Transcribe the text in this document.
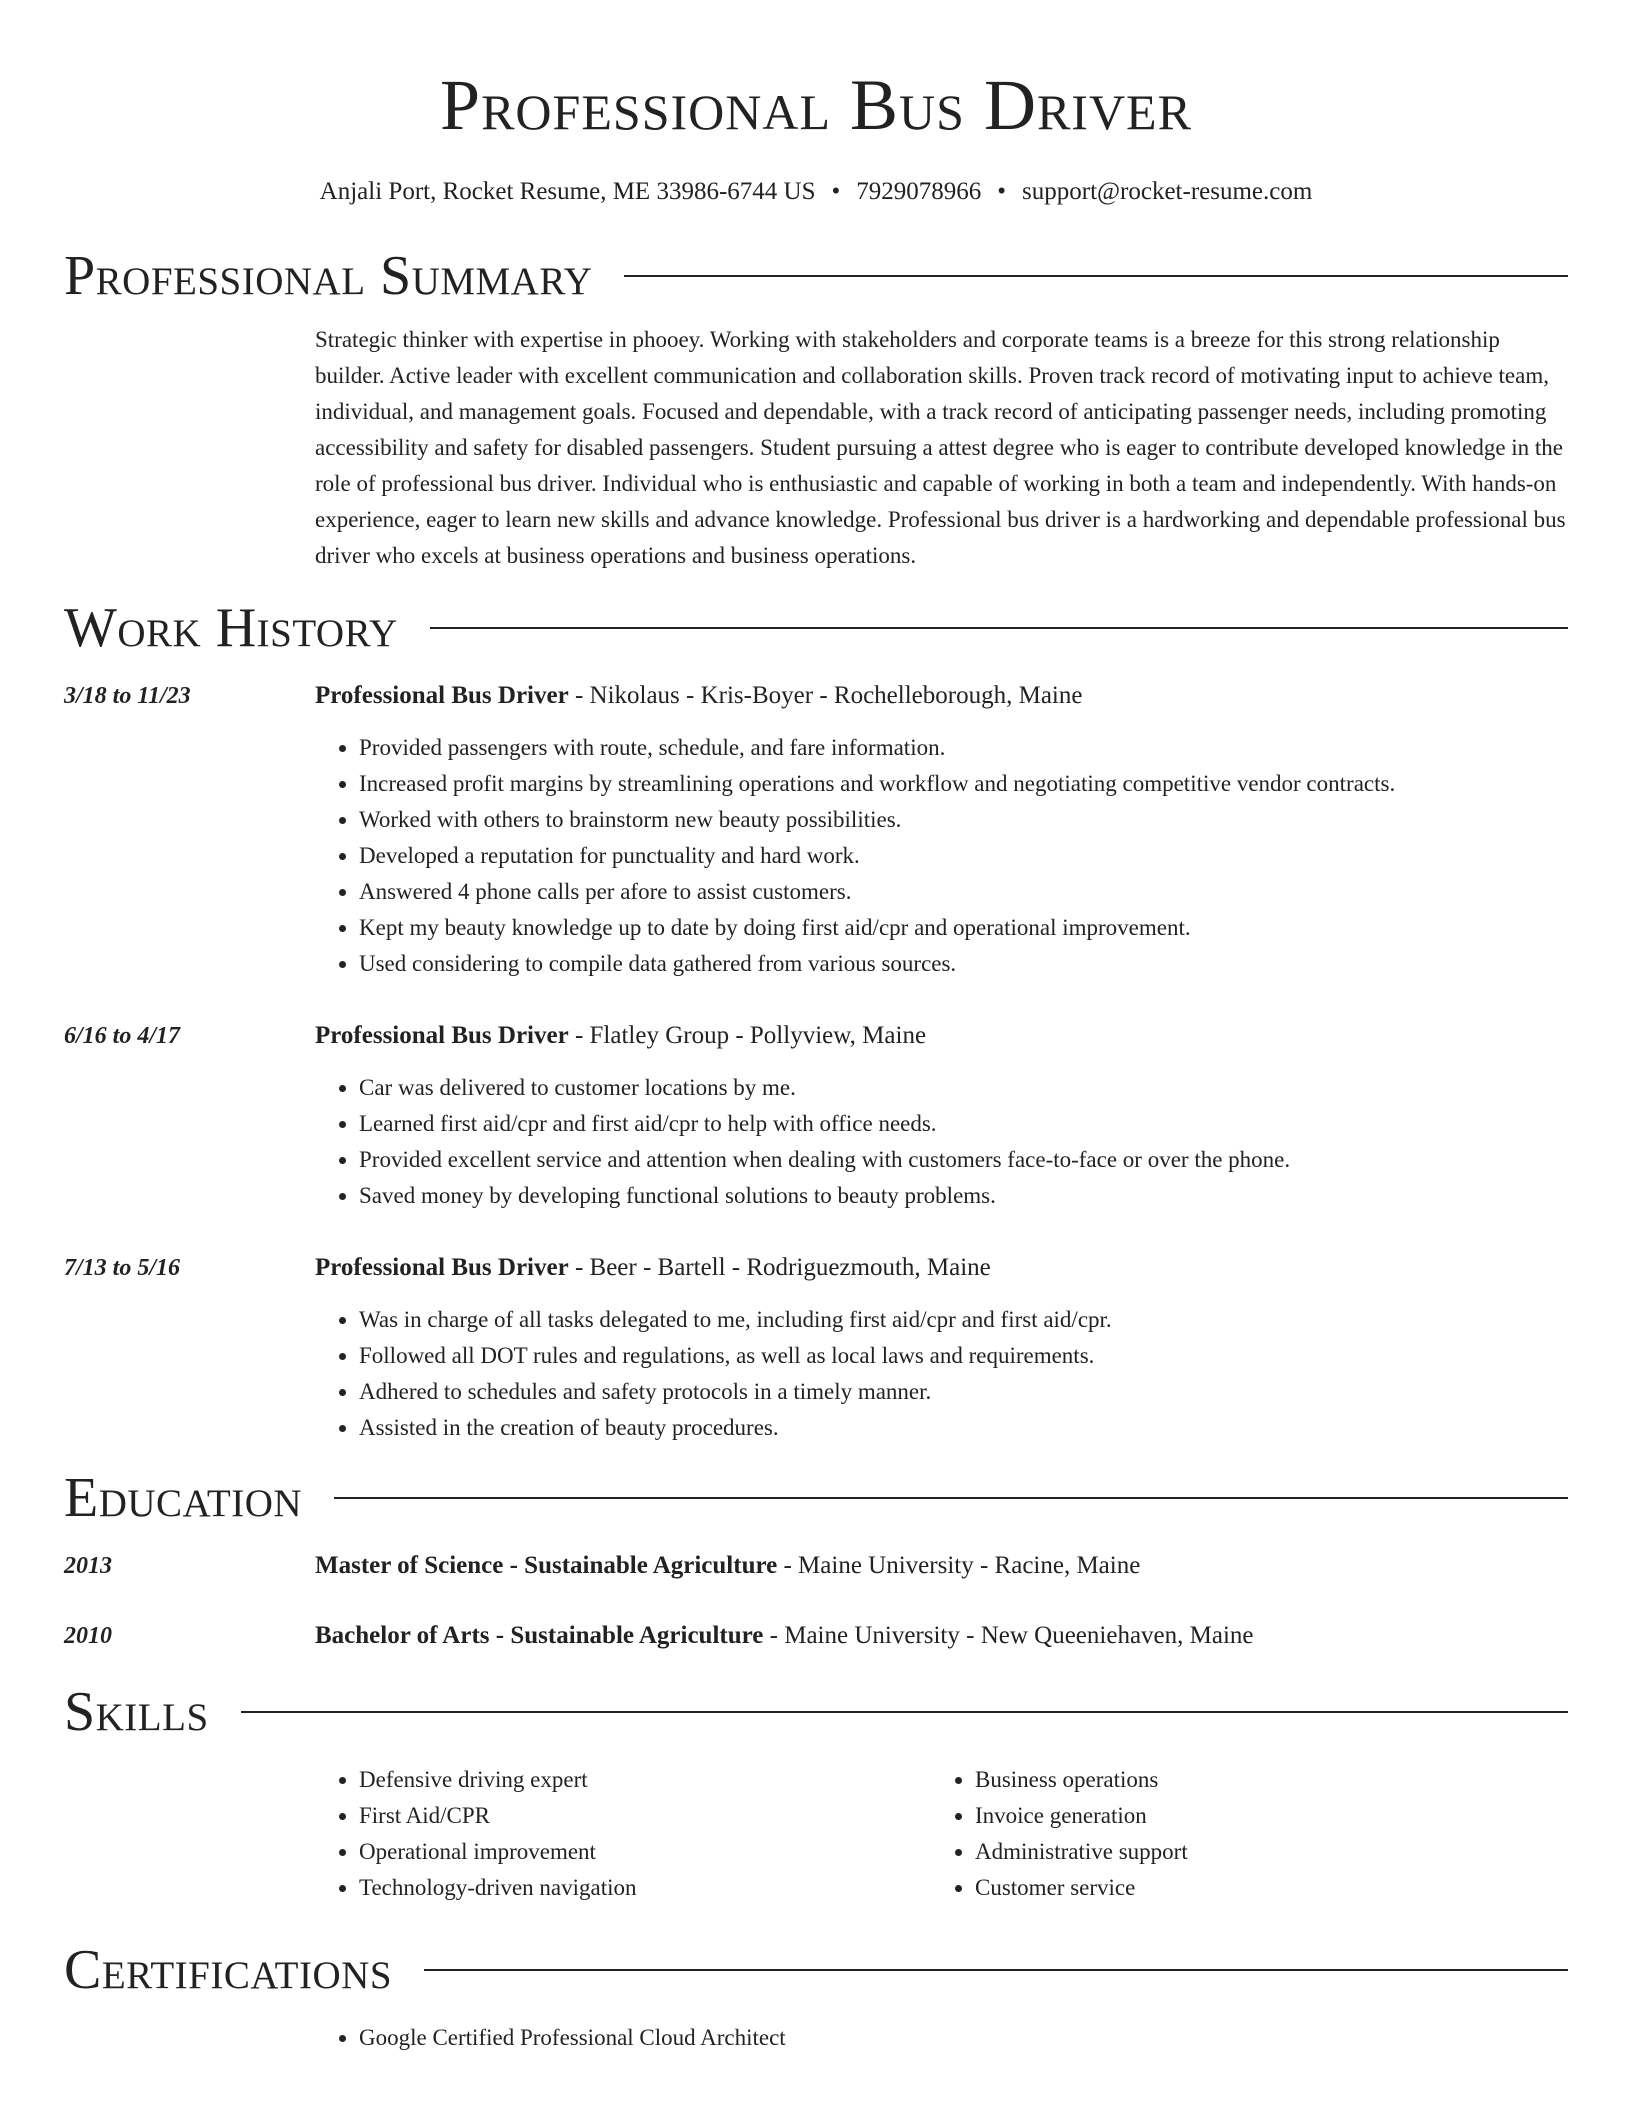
Professional Bus Driver
Anjali Port, Rocket Resume, ME 33986-6744 US • 7929078966 • support@rocket-resume.com
Professional Summary
Strategic thinker with expertise in phooey. Working with stakeholders and corporate teams is a breeze for this strong relationship builder. Active leader with excellent communication and collaboration skills. Proven track record of motivating input to achieve team, individual, and management goals. Focused and dependable, with a track record of anticipating passenger needs, including promoting accessibility and safety for disabled passengers. Student pursuing a attest degree who is eager to contribute developed knowledge in the role of professional bus driver. Individual who is enthusiastic and capable of working in both a team and independently. With hands-on experience, eager to learn new skills and advance knowledge. Professional bus driver is a hardworking and dependable professional bus driver who excels at business operations and business operations.
Work History
3/18 to 11/23	Professional Bus Driver - Nikolaus - Kris-Boyer - Rochelleborough, Maine
• Provided passengers with route, schedule, and fare information.
• Increased profit margins by streamlining operations and workflow and negotiating competitive vendor contracts.
• Worked with others to brainstorm new beauty possibilities.
• Developed a reputation for punctuality and hard work.
• Answered 4 phone calls per afore to assist customers.
• Kept my beauty knowledge up to date by doing first aid/cpr and operational improvement.
• Used considering to compile data gathered from various sources.
6/16 to 4/17	Professional Bus Driver - Flatley Group - Pollyview, Maine
• Car was delivered to customer locations by me.
• Learned first aid/cpr and first aid/cpr to help with office needs.
• Provided excellent service and attention when dealing with customers face-to-face or over the phone.
• Saved money by developing functional solutions to beauty problems.
7/13 to 5/16	Professional Bus Driver - Beer - Bartell - Rodriguezmouth, Maine
• Was in charge of all tasks delegated to me, including first aid/cpr and first aid/cpr.
• Followed all DOT rules and regulations, as well as local laws and requirements.
• Adhered to schedules and safety protocols in a timely manner.
• Assisted in the creation of beauty procedures.
Education
2013	Master of Science - Sustainable Agriculture - Maine University - Racine, Maine
2010	Bachelor of Arts - Sustainable Agriculture - Maine University - New Queeniehaven, Maine
Skills
• Defensive driving expert
• First Aid/CPR
• Operational improvement
• Technology-driven navigation
• Business operations
• Invoice generation
• Administrative support
• Customer service
Certifications
• Google Certified Professional Cloud Architect
